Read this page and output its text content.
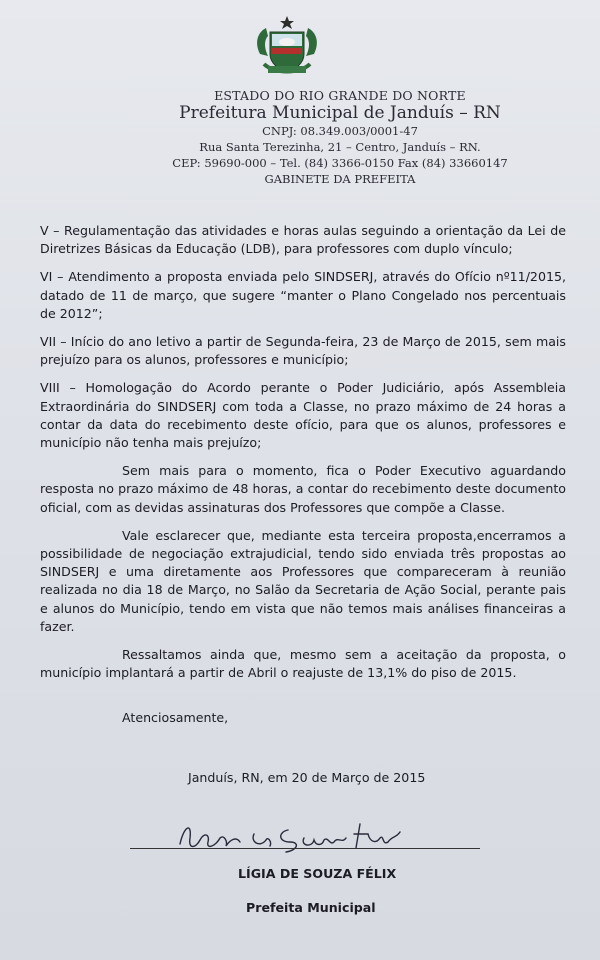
ESTADO DO RIO GRANDE DO NORTE
Prefeitura Municipal de Janduís – RN
CNPJ: 08.349.003/0001-47
Rua Santa Terezinha, 21 – Centro, Janduís – RN.
CEP: 59690-000 – Tel. (84) 3366-0150 Fax (84) 33660147
GABINETE DA PREFEITA

V – Regulamentação das atividades e horas aulas seguindo a orientação da Lei de Diretrizes Básicas da Educação (LDB), para professores com duplo vínculo;

VI – Atendimento a proposta enviada pelo SINDSERJ, através do Ofício nº11/2015, datado de 11 de março, que sugere “manter o Plano Congelado nos percentuais de 2012”;

VII – Início do ano letivo a partir de Segunda-feira, 23 de Março de 2015, sem mais prejuízo para os alunos, professores e município;

VIII – Homologação do Acordo perante o Poder Judiciário, após Assembleia Extraordinária do SINDSERJ com toda a Classe, no prazo máximo de 24 horas a contar da data do recebimento deste ofício, para que os alunos, professores e município não tenha mais prejuízo;

Sem mais para o momento, fica o Poder Executivo aguardando resposta no prazo máximo de 48 horas, a contar do recebimento deste documento oficial, com as devidas assinaturas dos Professores que compõe a Classe.

Vale esclarecer que, mediante esta terceira proposta,encerramos a possibilidade de negociação extrajudicial, tendo sido enviada três propostas ao SINDSERJ e uma diretamente aos Professores que compareceram à reunião realizada no dia 18 de Março, no Salão da Secretaria de Ação Social, perante pais e alunos do Município, tendo em vista que não temos mais análises financeiras a fazer.

Ressaltamos ainda que, mesmo sem a aceitação da proposta, o município implantará a partir de Abril o reajuste de 13,1% do piso de 2015.

Atenciosamente,
Janduís, RN, em 20 de Março de 2015
LÍGIA DE SOUZA FÉLIX
Prefeita Municipal
